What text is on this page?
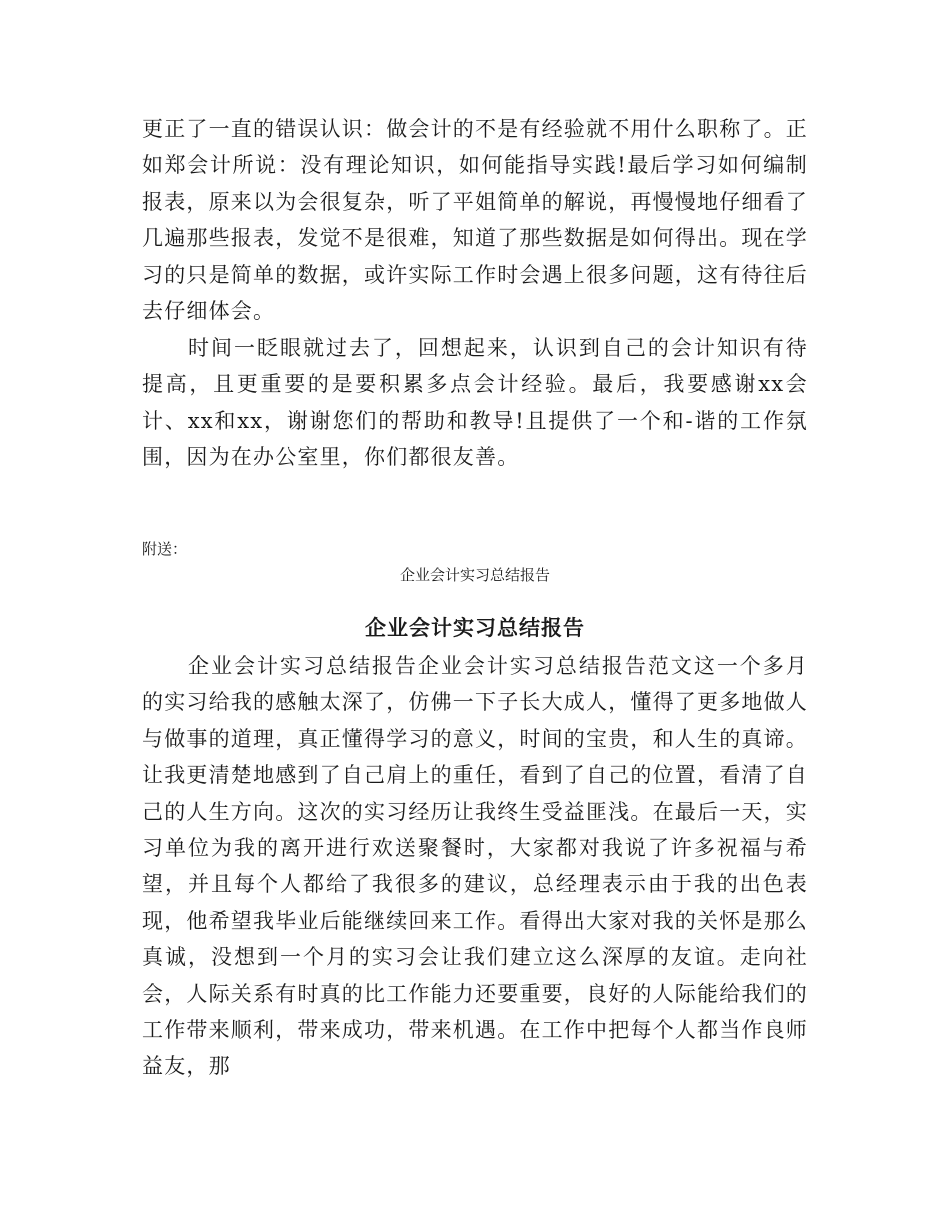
更正了一直的错误认识：做会计的不是有经验就不用什么职称了。正如郑会计所说：没有理论知识，如何能指导实践!最后学习如何编制报表，原来以为会很复杂，听了平姐简单的解说，再慢慢地仔细看了几遍那些报表，发觉不是很难，知道了那些数据是如何得出。现在学习的只是简单的数据，或许实际工作时会遇上很多问题，这有待往后去仔细体会。

时间一眨眼就过去了，回想起来，认识到自己的会计知识有待提高，且更重要的是要积累多点会计经验。最后，我要感谢xx会计、xx和xx，谢谢您们的帮助和教导!且提供了一个和-谐的工作氛围，因为在办公室里，你们都很友善。

附送：

企业会计实习总结报告

企业会计实习总结报告

企业会计实习总结报告企业会计实习总结报告范文这一个多月的实习给我的感触太深了，仿佛一下子长大成人，懂得了更多地做人与做事的道理，真正懂得学习的意义，时间的宝贵，和人生的真谛。让我更清楚地感到了自己肩上的重任，看到了自己的位置，看清了自己的人生方向。这次的实习经历让我终生受益匪浅。在最后一天，实习单位为我的离开进行欢送聚餐时，大家都对我说了许多祝福与希望，并且每个人都给了我很多的建议，总经理表示由于我的出色表现，他希望我毕业后能继续回来工作。看得出大家对我的关怀是那么真诚，没想到一个月的实习会让我们建立这么深厚的友谊。走向社会，人际关系有时真的比工作能力还要重要，良好的人际能给我们的工作带来顺利，带来成功，带来机遇。在工作中把每个人都当作良师益友，那
